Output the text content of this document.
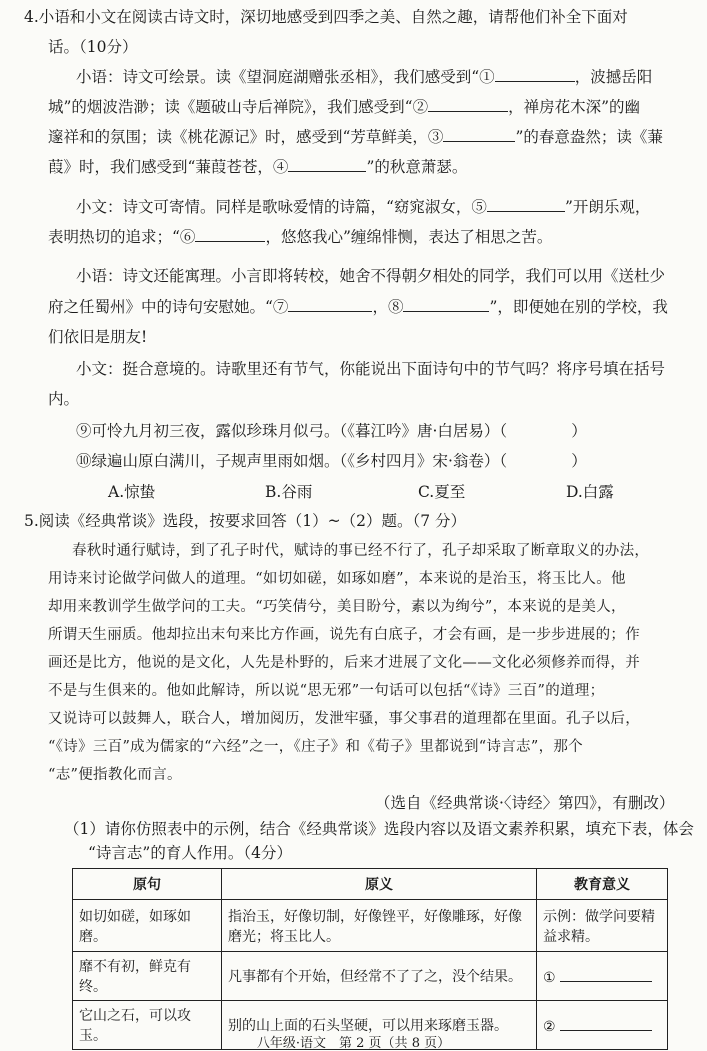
4.小语和小文在阅读古诗文时，深切地感受到四季之美、自然之趣，请帮他们补全下面对
话。（10分）
小语：诗文可绘景。读《望洞庭湖赠张丞相》，我们感受到“①	，波撼岳阳
城”的烟波浩渺；读《题破山寺后禅院》，我们感受到“②	，禅房花木深”的幽
邃祥和的氛围；读《桃花源记》时，感受到“芳草鲜美，③	”的春意盎然；读《蒹
葭》时，我们感受到“蒹葭苍苍，④	”的秋意萧瑟。
小文：诗文可寄情。同样是歌咏爱情的诗篇，“窈窕淑女，⑤	”开朗乐观，
表明热切的追求；“⑥	，悠悠我心”缠绵悱恻，表达了相思之苦。
小语：诗文还能寓理。小言即将转校，她舍不得朝夕相处的同学，我们可以用《送杜少
府之任蜀州》中的诗句安慰她。“⑦	，⑧	”，即便她在别的学校，我
们依旧是朋友!
小文：挺合意境的。诗歌里还有节气，你能说出下面诗句中的节气吗？将序号填在括号
内。
⑨可怜九月初三夜，露似珍珠月似弓。（《暮江吟》唐·白居易）（	）
⑩绿遍山原白满川，子规声里雨如烟。（《乡村四月》宋·翁卷）（	）
A.惊蛰	B.谷雨	C.夏至	D.白露
5.阅读《经典常谈》选段，按要求回答（1）~（2）题。（7 分）
春秋时通行赋诗，到了孔子时代，赋诗的事已经不行了，孔子却采取了断章取义的办法，
用诗来讨论做学问做人的道理。“如切如磋，如琢如磨”，本来说的是治玉，将玉比人。他
却用来教训学生做学问的工夫。“巧笑倩兮，美目盼兮，素以为绚兮”，本来说的是美人，
所谓天生丽质。他却拉出末句来比方作画，说先有白底子，才会有画，是一步步进展的；作
画还是比方，他说的是文化，人先是朴野的，后来才进展了文化——文化必须修养而得，并
不是与生俱来的。他如此解诗，所以说“思无邪”一句话可以包括“《诗》三百”的道理；
又说诗可以鼓舞人，联合人，增加阅历，发泄牢骚，事父事君的道理都在里面。孔子以后，
“《诗》三百”成为儒家的“六经”之一，《庄子》和《荀子》里都说到“诗言志”，那个
“志”便指教化而言。
（选自《经典常谈·〈诗经〉第四》，有删改）
（1）请你仿照表中的示例，结合《经典常谈》选段内容以及语文素养积累，填充下表，体会
原句	原义	教育意义
如切如磋，如琢如磨。	指治玉，好像切制，好像锉平，好像雕琢，好像磨光；将玉比人。	示例：做学问要精益求精。
靡不有初，鲜克有终。	凡事都有个开始，但经常不了了之，没个结果。	①
它山之石，可以攻玉。	别的山上面的石头坚硬，可以用来琢磨玉器。	②
八年级·语文　第 2 页（共 8 页）
“诗言志”的育人作用。（4分）
